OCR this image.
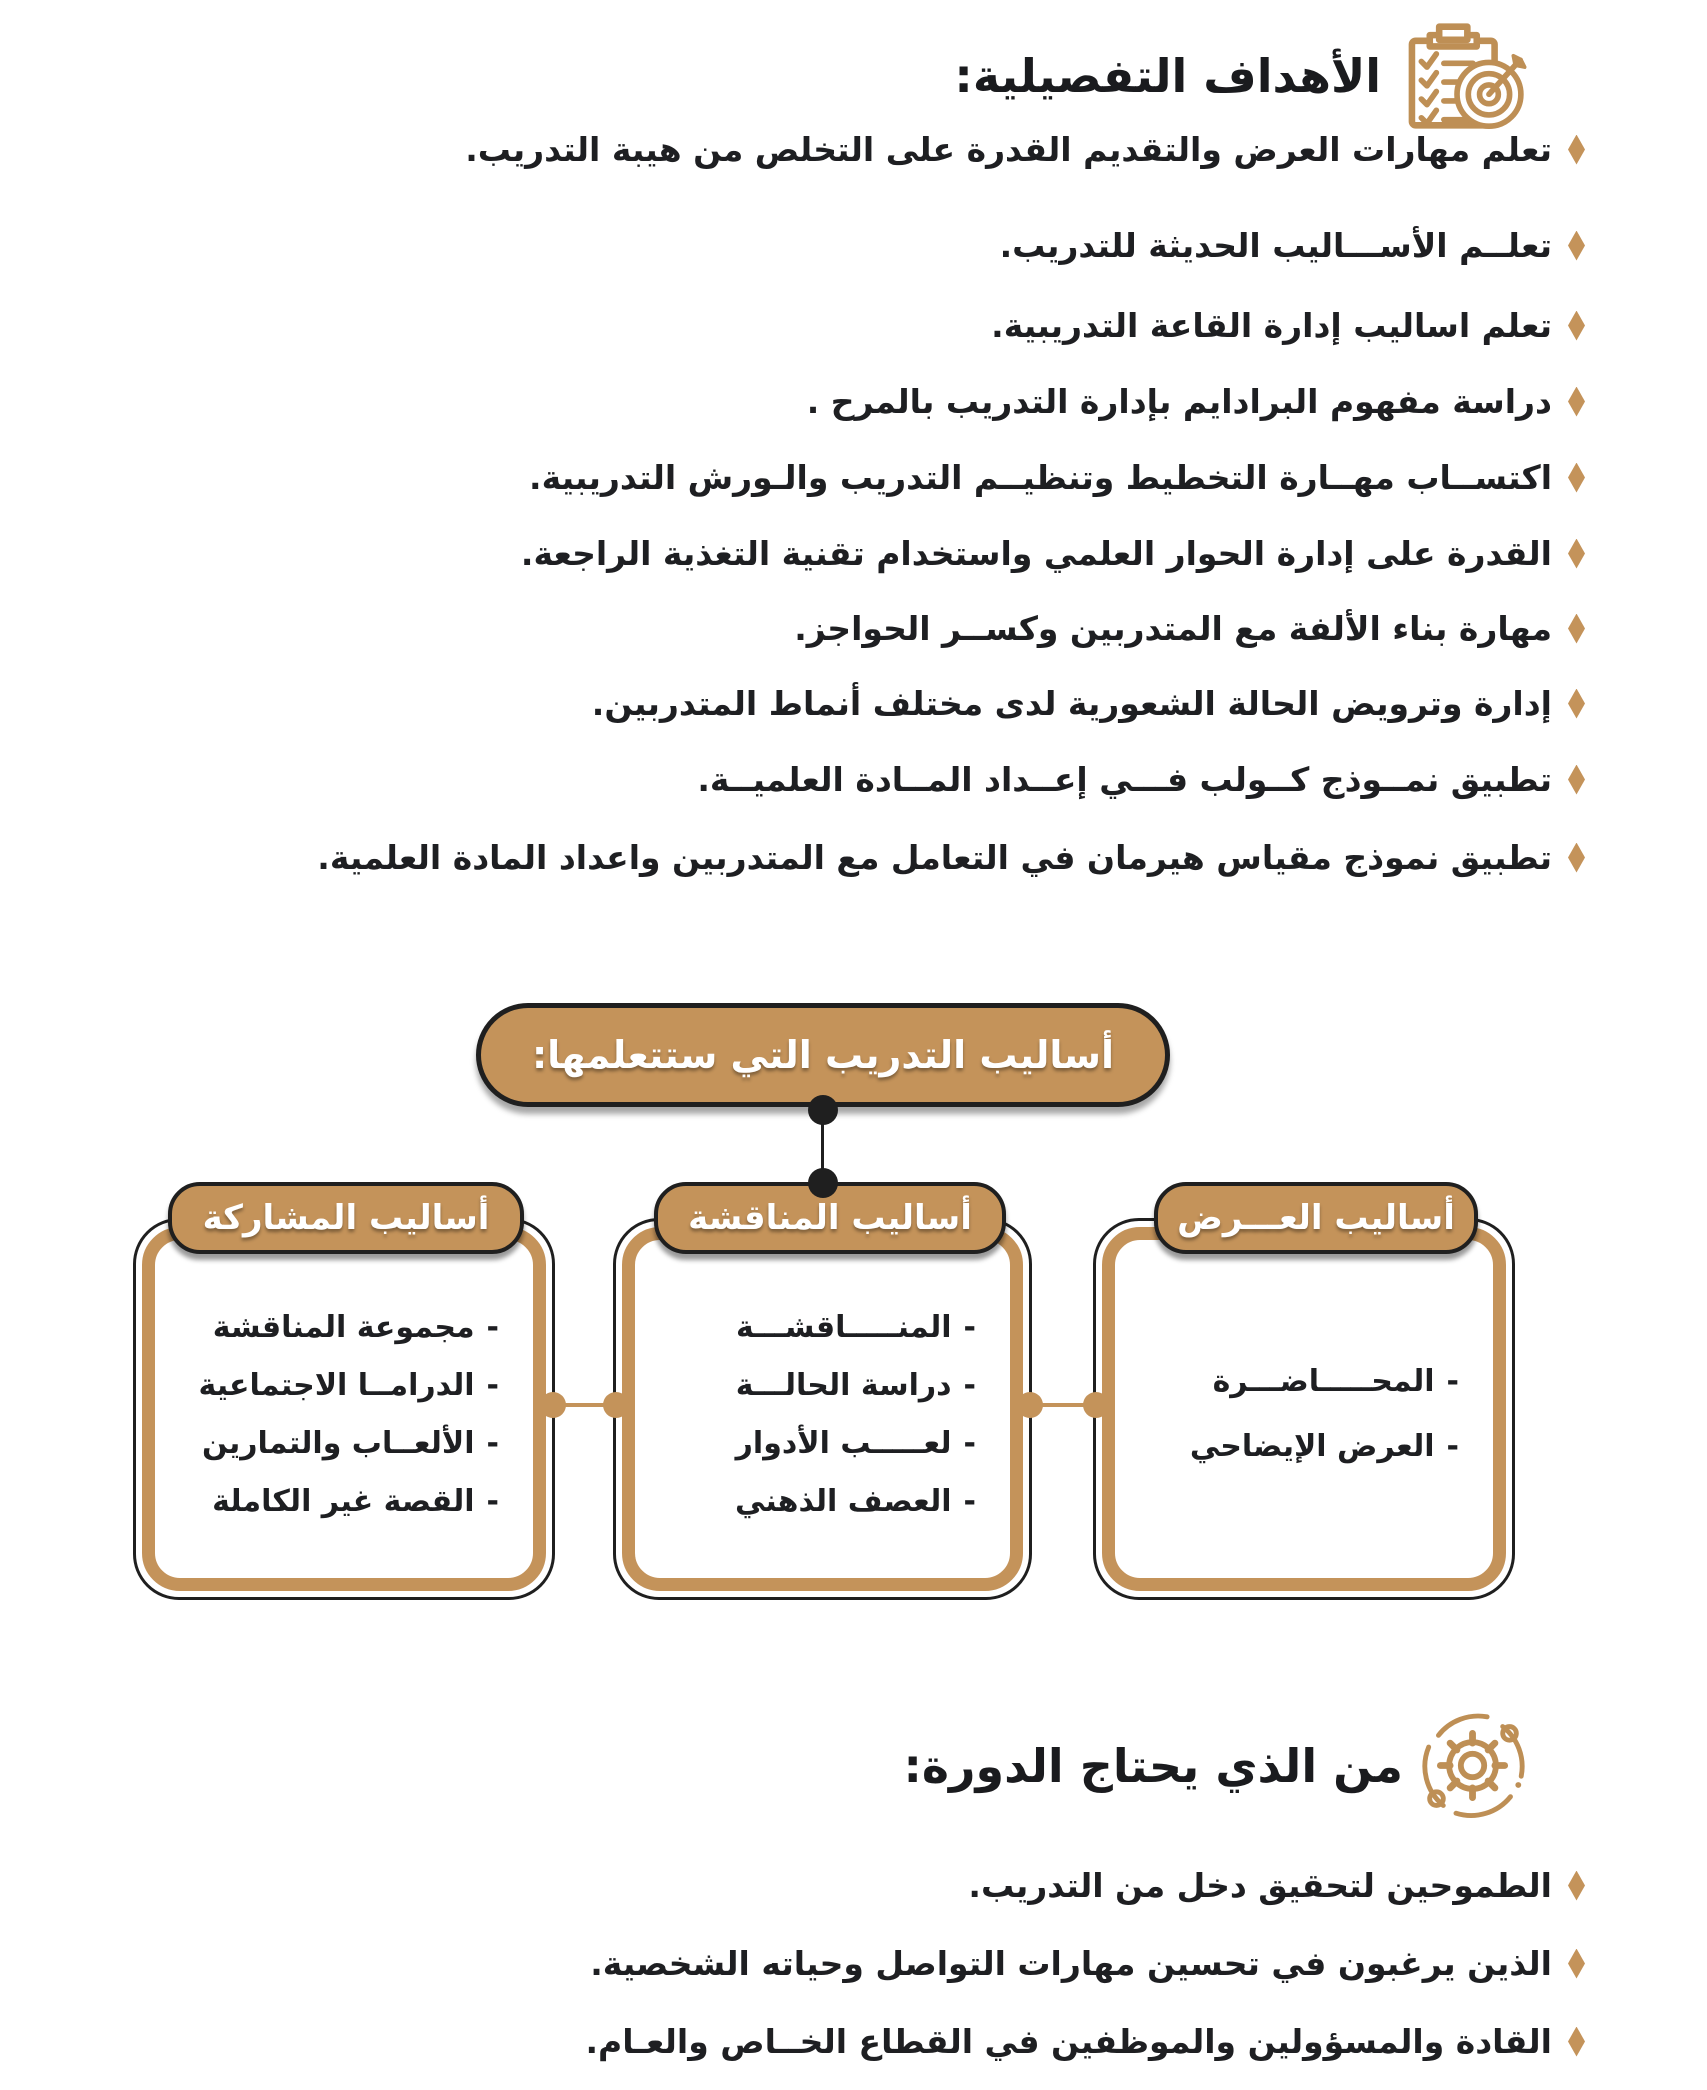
الأهداف التفصيلية:
تعلم مهارات العرض والتقديم القدرة على التخلص من هيبة التدريب.
تعلــم الأســـاليب الحديثة للتدريب.
تعلم اساليب إدارة القاعة التدريبية.
دراسة مفهوم البرادايم بإدارة التدريب بالمرح .
اكتســاب مهــارة التخطيط وتنظيــم التدريب والـورش التدريبية.
القدرة على إدارة الحوار العلمي واستخدام تقنية التغذية الراجعة.
مهارة بناء الألفة مع المتدربين وكســر الحواجز.
إدارة وترويض الحالة الشعورية لدى مختلف أنماط المتدربين.
تطبيق نمــوذج كــولب فـــي إعــداد المــادة العلميــة.
تطبيق نموذج مقياس هيرمان في التعامل مع المتدربين واعداد المادة العلمية.
أساليب التدريب التي ستتعلمها:
-
المحـــــاضـــرة
-
العرض الإيضاحي
أساليب العـــرض
-
المنـــــاقشـــة
-
دراسة الحالـــة
-
لعـــــب الأدوار
-
العصف الذهني
أساليب المناقشة
-
مجموعة المناقشة
-
الدرامــا الاجتماعية
-
الألعــاب والتمارين
-
القصة غير الكاملة
أساليب المشاركة
من الذي يحتاج الدورة:
الطموحين لتحقيق دخل من التدريب.
الذين يرغبون في تحسين مهارات التواصل وحياته الشخصية.
القادة والمسؤولين والموظفين في القطاع الخــاص والعـام.
